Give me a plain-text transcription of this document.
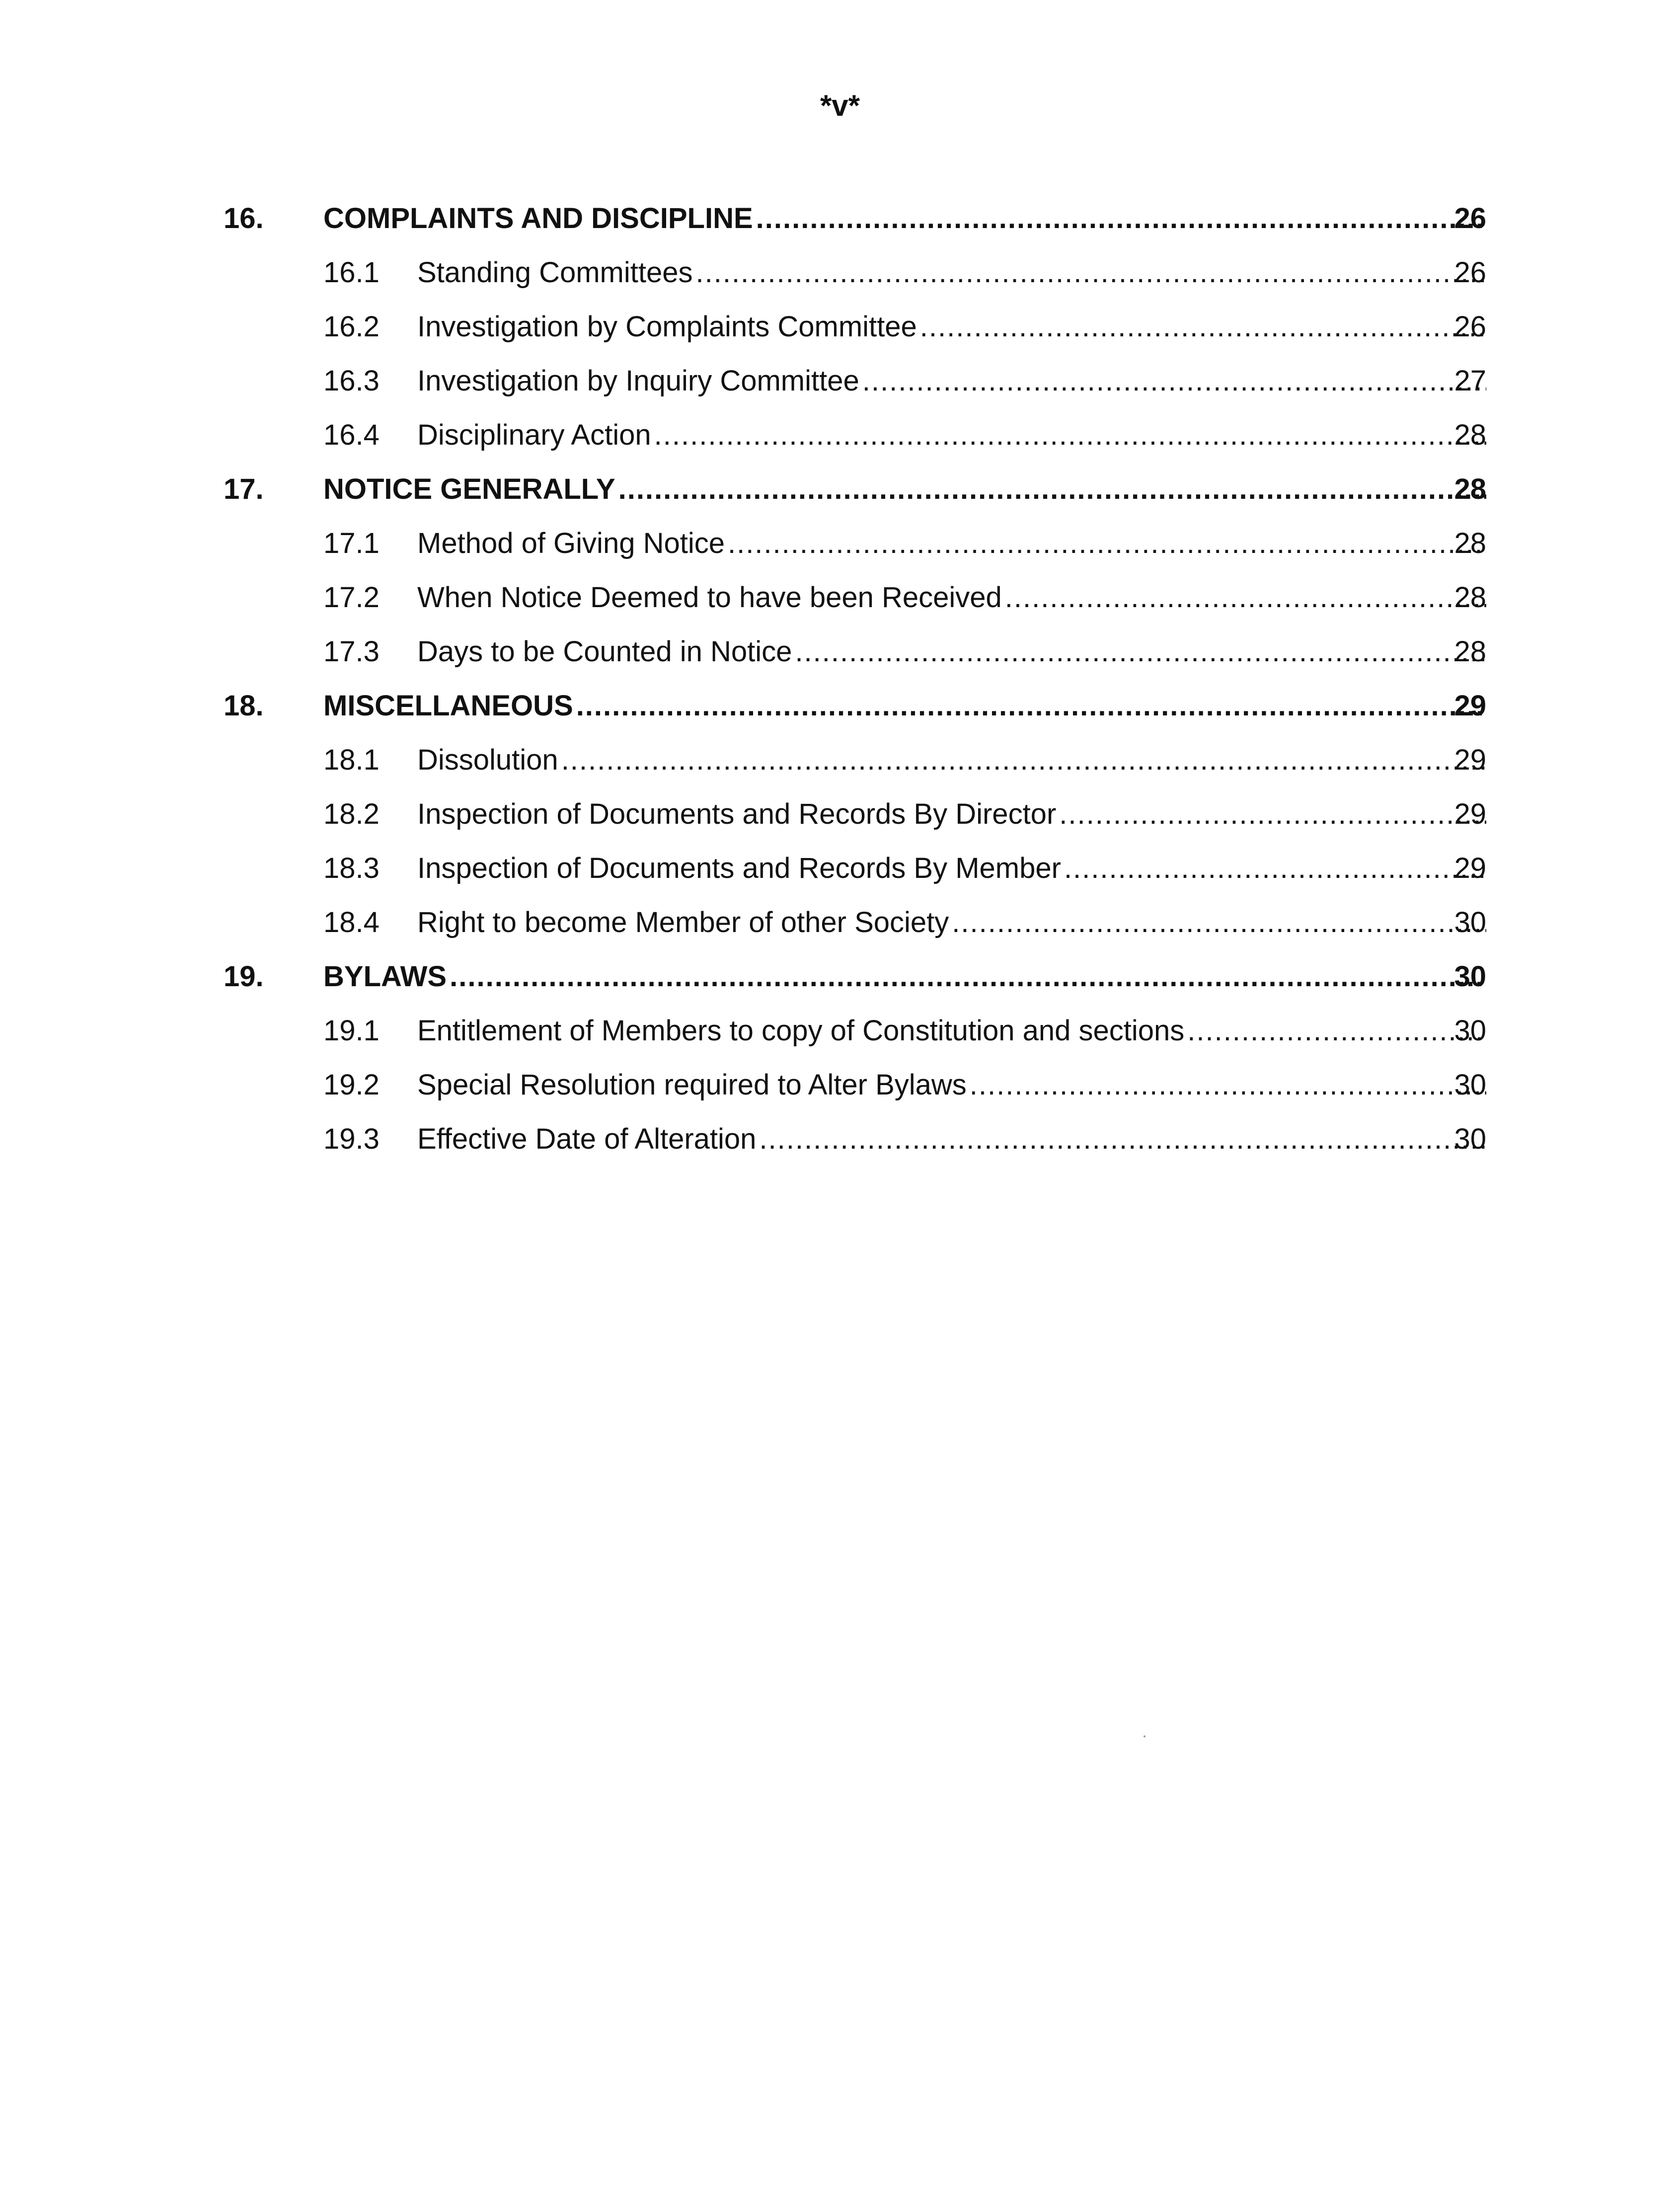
*v*
16. COMPLAINTS AND DISCIPLINE .....	26
16.1 Standing Committees .....	26
16.2 Investigation by Complaints Committee .....	26
16.3 Investigation by Inquiry Committee .....	27
16.4 Disciplinary Action .....	28
17. NOTICE GENERALLY .....	28
17.1 Method of Giving Notice .....	28
17.2 When Notice Deemed to have been Received .....	28
17.3 Days to be Counted in Notice .....	28
18. MISCELLANEOUS .....	29
18.1 Dissolution .....	29
18.2 Inspection of Documents and Records By Director .....	29
18.3 Inspection of Documents and Records By Member .....	29
18.4 Right to become Member of other Society .....	30
19. BYLAWS .....	30
19.1 Entitlement of Members to copy of Constitution and sections .....	30
19.2 Special Resolution required to Alter Bylaws .....	30
19.3 Effective Date of Alteration .....	30
